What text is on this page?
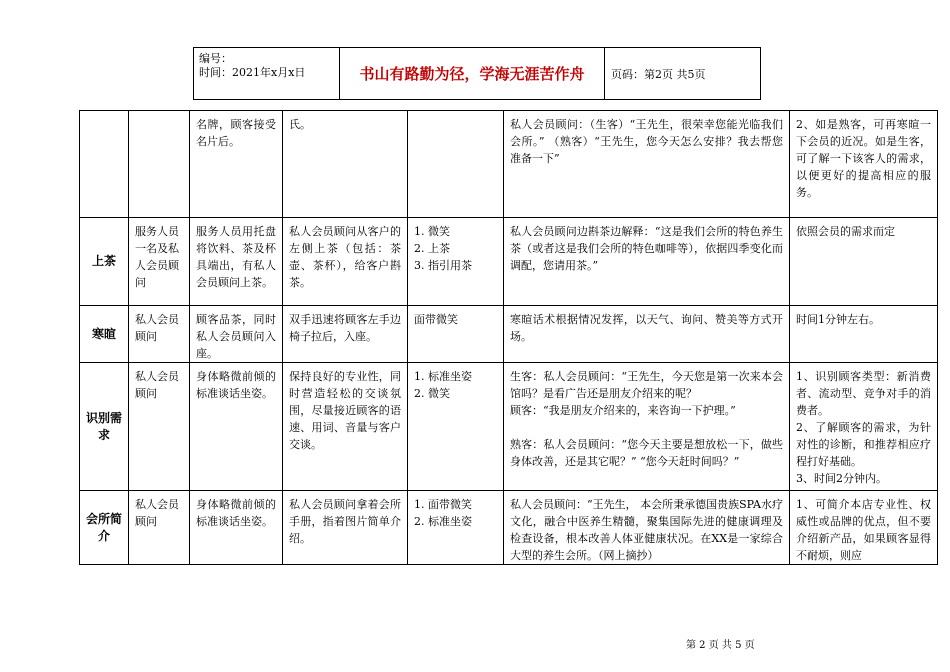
编号：
时间：2021年x月x日	书山有路勤为径，学海无涯苦作舟	页码：第2页 共5页
		名牌，顾客接受名片后。	氏。		私人会员顾问：（生客）“王先生，很荣幸您能光临我们会所。” （熟客）“王先生，您今天怎么安排？我去帮您准备一下”	2、如是熟客，可再寒暄一下会员的近况。如是生客，可了解一下该客人的需求，以便更好的提高相应的服务。
上茶	服务人员一名及私人会员顾问	服务人员用托盘将饮料、茶及杯具端出，有私人会员顾问上茶。	私人会员顾问从客户的左侧上茶（包括：茶壶、茶杯），给客户斟茶。	1. 微笑
2. 上茶
3. 指引用茶	私人会员顾问边斟茶边解释：“这是我们会所的特色养生茶（或者这是我们会所的特色咖啡等），依据四季变化而调配，您请用茶。”	依照会员的需求而定
寒暄	私人会员顾问	顾客品茶，同时私人会员顾问入座。	双手迅速将顾客左手边椅子拉后，入座。	面带微笑	寒暄话术根据情况发挥，以天气、询问、赞美等方式开场。	时间1分钟左右。
识别需求	私人会员顾问	身体略微前倾的标准谈话坐姿。	保持良好的专业性，同时营造轻松的交谈氛围，尽量接近顾客的语速、用词、音量与客户交谈。	1. 标准坐姿
2. 微笑	生客：私人会员顾问：“王先生，今天您是第一次来本会馆吗？是看广告还是朋友介绍来的呢？
顾客：“我是朋友介绍来的，来咨询一下护理。”

熟客：私人会员顾问：“您今天主要是想放松一下，做些身体改善，还是其它呢？” “您今天赶时间吗？”	1、识别顾客类型：新消费者、流动型、竞争对手的消费者。
2、了解顾客的需求，为针对性的诊断，和推荐相应疗程打好基础。
3、时间2分钟内。
会所简介	私人会员顾问	身体略微前倾的标准谈话坐姿。	私人会员顾问拿着会所手册，指着图片简单介绍。	1. 面带微笑
2. 标准坐姿	私人会员顾问：“王先生， 本会所秉承德国贵族SPA水疗文化，融合中医养生精髓，聚集国际先进的健康调理及检查设备，根本改善人体亚健康状况。在XX是一家综合大型的养生会所。（网上摘抄）	1、可简介本店专业性、权威性或品牌的优点，但不要介绍新产品，如果顾客显得不耐烦，则应
第 2 页 共 5 页
